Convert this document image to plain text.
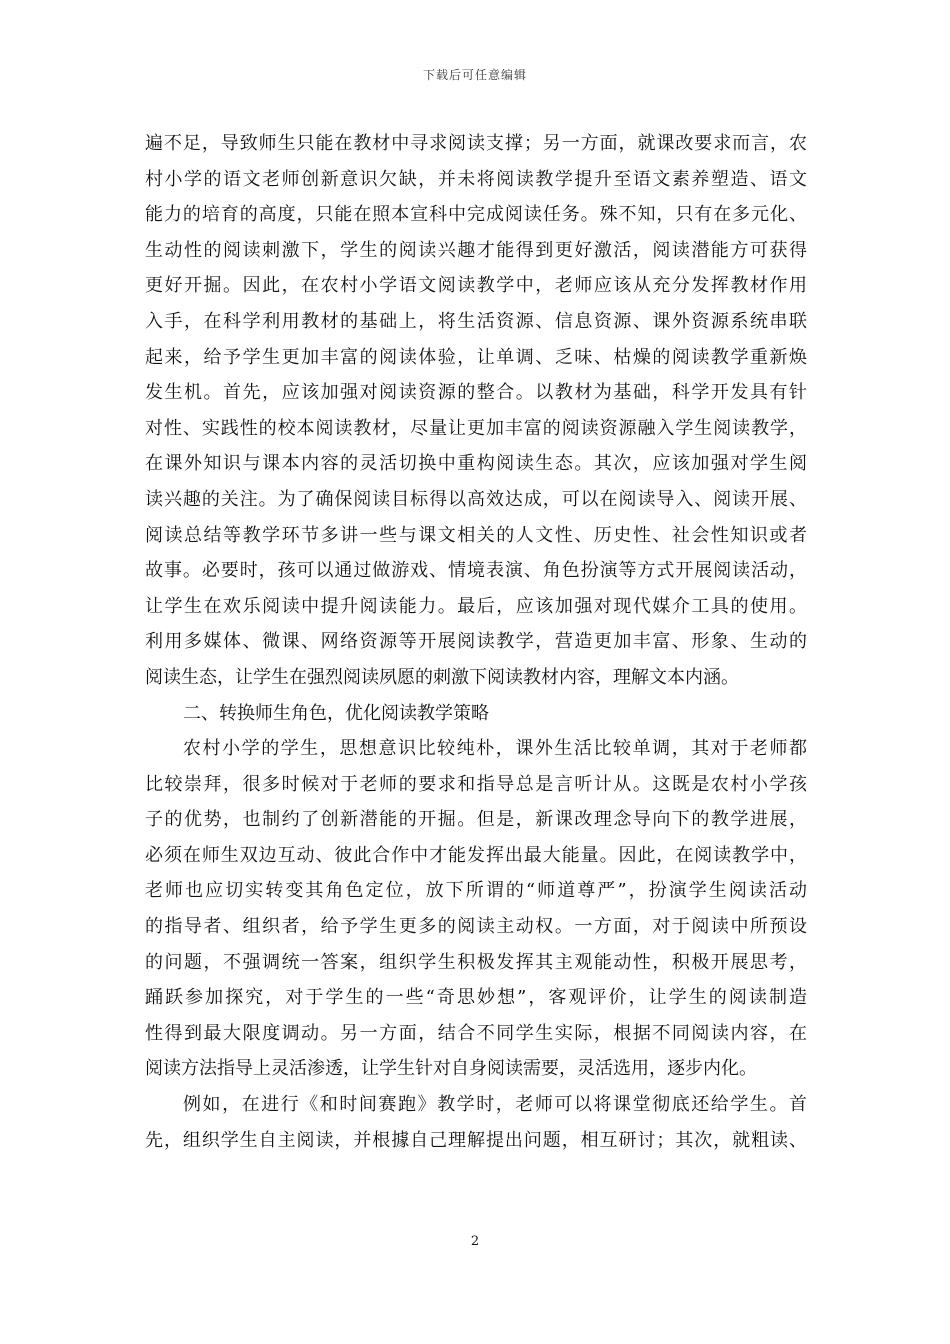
下载后可任意编辑
遍不足，导致师生只能在教材中寻求阅读支撑；另一方面，就课改要求而言，农
村小学的语文老师创新意识欠缺，并未将阅读教学提升至语文素养塑造、语文
能力的培育的高度，只能在照本宣科中完成阅读任务。殊不知，只有在多元化、
生动性的阅读刺激下，学生的阅读兴趣才能得到更好激活，阅读潜能方可获得
更好开掘。因此，在农村小学语文阅读教学中，老师应该从充分发挥教材作用
入手，在科学利用教材的基础上，将生活资源、信息资源、课外资源系统串联
起来，给予学生更加丰富的阅读体验，让单调、乏味、枯燥的阅读教学重新焕
发生机。首先，应该加强对阅读资源的整合。以教材为基础，科学开发具有针
对性、实践性的校本阅读教材，尽量让更加丰富的阅读资源融入学生阅读教学，
在课外知识与课本内容的灵活切换中重构阅读生态。其次，应该加强对学生阅
读兴趣的关注。为了确保阅读目标得以高效达成，可以在阅读导入、阅读开展、
阅读总结等教学环节多讲一些与课文相关的人文性、历史性、社会性知识或者
故事。必要时，孩可以通过做游戏、情境表演、角色扮演等方式开展阅读活动，
让学生在欢乐阅读中提升阅读能力。最后，应该加强对现代媒介工具的使用。
利用多媒体、微课、网络资源等开展阅读教学，营造更加丰富、形象、生动的
阅读生态，让学生在强烈阅读夙愿的刺激下阅读教材内容，理解文本内涵。
二、转换师生角色，优化阅读教学策略
农村小学的学生，思想意识比较纯朴，课外生活比较单调，其对于老师都
比较崇拜，很多时候对于老师的要求和指导总是言听计从。这既是农村小学孩
子的优势，也制约了创新潜能的开掘。但是，新课改理念导向下的教学进展，
必须在师生双边互动、彼此合作中才能发挥出最大能量。因此，在阅读教学中，
老师也应切实转变其角色定位，放下所谓的“师道尊严”，扮演学生阅读活动
的指导者、组织者，给予学生更多的阅读主动权。一方面，对于阅读中所预设
的问题，不强调统一答案，组织学生积极发挥其主观能动性，积极开展思考，
踊跃参加探究，对于学生的一些“奇思妙想”，客观评价，让学生的阅读制造
性得到最大限度调动。另一方面，结合不同学生实际，根据不同阅读内容，在
阅读方法指导上灵活渗透，让学生针对自身阅读需要，灵活选用，逐步内化。
例如，在进行《和时间赛跑》教学时，老师可以将课堂彻底还给学生。首
先，组织学生自主阅读，并根據自己理解提出问题，相互研讨；其次，就粗读、
2
